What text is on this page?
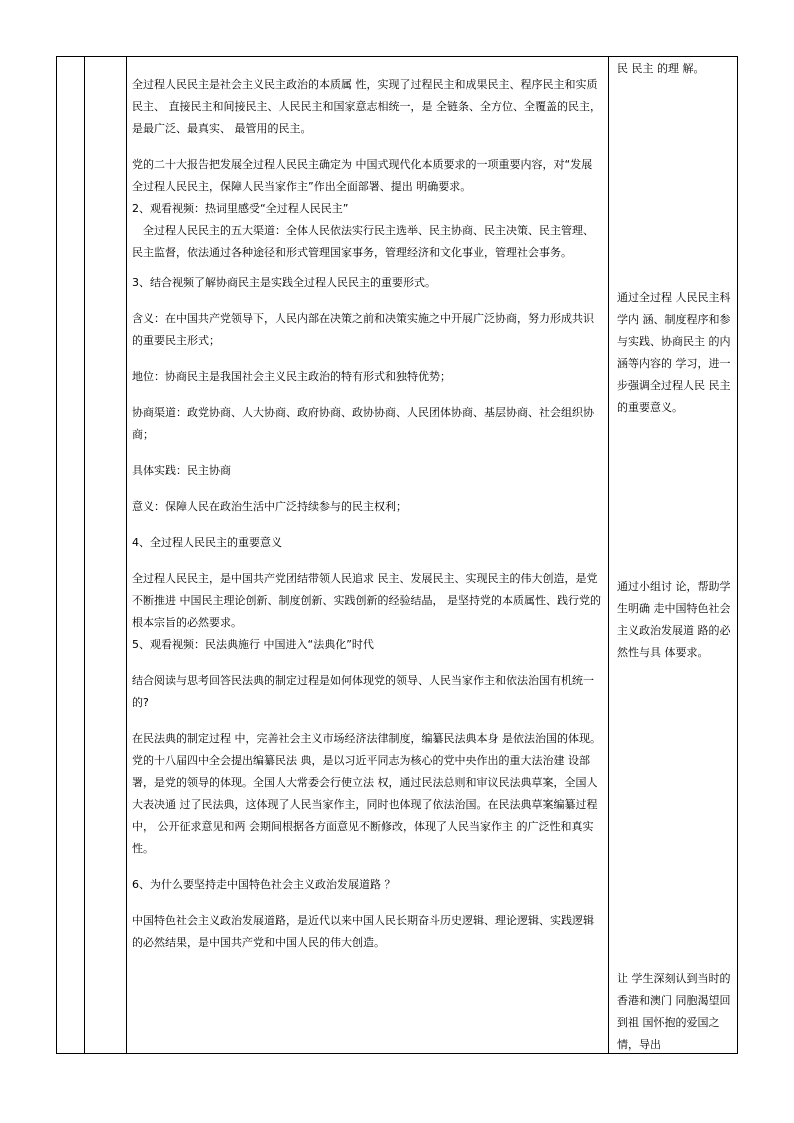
全过程人民民主是社会主义民主政治的本质属 性，实现了过程民主和成果民主、程序民主和实质民主、 直接民主和间接民主、人民民主和国家意志相统一，是 全链条、全方位、全覆盖的民主，是最广泛、最真实、 最管用的民主。

党的二十大报告把发展全过程人民民主确定为 中国式现代化本质要求的一项重要内容，对“发展全过程人民民主，保障人民当家作主”作出全面部署、提出 明确要求。

2、观看视频：热词里感受“全过程人民民主”

全过程人民民主的五大渠道：全体人民依法实行民主选举、民主协商、民主决策、民主管理、民主监督，依法通过各种途径和形式管理国家事务，管理经济和文化事业，管理社会事务。

3、结合视频了解协商民主是实践全过程人民民主的重要形式。

含义：在中国共产党领导下，人民内部在决策之前和决策实施之中开展广泛协商，努力形成共识的重要民主形式；

地位：协商民主是我国社会主义民主政治的特有形式和独特优势；

协商渠道：政党协商、人大协商、政府协商、政协协商、人民团体协商、基层协商、社会组织协商；

具体实践：民主协商

意义：保障人民在政治生活中广泛持续参与的民主权利；

4、全过程人民民主的重要意义

全过程人民民主，是中国共产党团结带领人民追求 民主、发展民主、实现民主的伟大创造，是党不断推进 中国民主理论创新、制度创新、实践创新的经验结晶， 是坚持党的本质属性、践行党的根本宗旨的必然要求。

5、观看视频：民法典施行 中国进入“法典化”时代

结合阅读与思考回答民法典的制定过程是如何体现党的领导、人民当家作主和依法治国有机统一的?

在民法典的制定过程 中，完善社会主义市场经济法律制度，编纂民法典本身 是依法治国的体现。党的十八届四中全会提出编纂民法 典，是以习近平同志为核心的党中央作出的重大法治建 设部署，是党的领导的体现。全国人大常委会行使立法 权，通过民法总则和审议民法典草案，全国人大表决通 过了民法典，这体现了人民当家作主，同时也体现了依法治国。在民法典草案编纂过程中， 公开征求意见和两 会期间根据各方面意见不断修改，体现了人民当家作主 的广泛性和真实性。

6、为什么要坚持走中国特色社会主义政治发展道路 ？

中国特色社会主义政治发展道路，是近代以来中国人民长期奋斗历史逻辑、理论逻辑、实践逻辑的必然结果，是中国共产党和中国人民的伟大创造。

民 民主 的理 解。
通过全过程 人民民主科学内 涵、制度程序和参 与实践、协商民主 的内涵等内容的 学习，进一步强调全过程人民 民主 的重要意义。
通过小组讨 论，帮助学生明确 走中国特色社会 主义政治发展道 路的必然性与具 体要求。
让 学生深刻认到当时的香港和澳门 同胞渴望回到祖 国怀抱的爱国之 情，导出
